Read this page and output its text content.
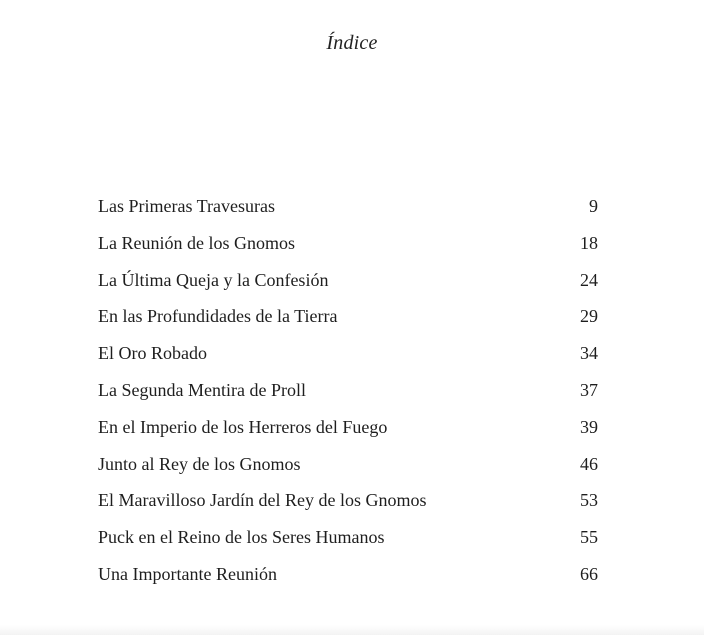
Índice
Las Primeras Travesuras	9
La Reunión de los Gnomos	18
La Última Queja y la Confesión	24
En las Profundidades de la Tierra	29
El Oro Robado	34
La Segunda Mentira de Proll	37
En el Imperio de los Herreros del Fuego	39
Junto al Rey de los Gnomos	46
El Maravilloso Jardín del Rey de los Gnomos	53
Puck en el Reino de los Seres Humanos	55
Una Importante Reunión	66
